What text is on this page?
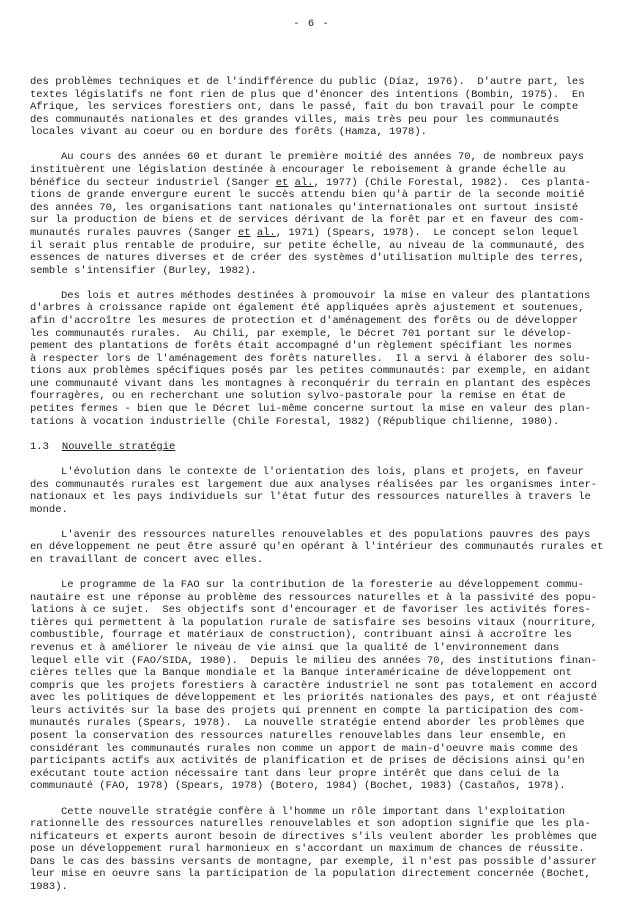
- 6 -
des problèmes techniques et de l'indifférence du public (Díaz, 1976).  D'autre part, les
textes législatifs ne font rien de plus que d'énoncer des intentions (Bombin, 1975).  En
Afrique, les services forestiers ont, dans le passé, fait du bon travail pour le compte
des communautés nationales et des grandes villes, mais très peu pour les communautés
locales vivant au coeur ou en bordure des forêts (Hamza, 1978).
Au cours des années 60 et durant le première moitié des années 70, de nombreux pays
instituèrent une législation destinée à encourager le reboisement à grande échelle au
bénéfice du secteur industriel (Sanger et al., 1977) (Chile Forestal, 1982).  Ces planta-
tions de grande envergure eurent le succès attendu bien qu'à partir de la seconde moitié
des années 70, les organisations tant nationales qu'internationales ont surtout insisté
sur la production de biens et de services dérivant de la forêt par et en faveur des com-
munautés rurales pauvres (Sanger et al., 1971) (Spears, 1978).  Le concept selon lequel
il serait plus rentable de produire, sur petite échelle, au niveau de la communauté, des
essences de natures diverses et de créer des systèmes d'utilisation multiple des terres,
semble s'intensifier (Burley, 1982).
Des lois et autres méthodes destinées à promouvoir la mise en valeur des plantations
d'arbres à croissance rapide ont également été appliquées après ajustement et soutenues,
afin d'accroître les mesures de protection et d'aménagement des forêts ou de développer
les communautés rurales.  Au Chili, par exemple, le Décret 701 portant sur le dévelop-
pement des plantations de forêts était accompagné d'un règlement spécifiant les normes
à respecter lors de l'aménagement des forêts naturelles.  Il a servi à élaborer des solu-
tions aux problèmes spécifiques posés par les petites communautés: par exemple, en aidant
une communauté vivant dans les montagnes à reconquérir du terrain en plantant des espèces
fourragères, ou en recherchant une solution sylvo-pastorale pour la remise en état de
petites fermes - bien que le Décret lui-même concerne surtout la mise en valeur des plan-
tations à vocation industrielle (Chile Forestal, 1982) (République chilienne, 1980).
1.3 Nouvelle stratégie
L'évolution dans le contexte de l'orientation des lois, plans et projets, en faveur
des communautés rurales est largement due aux analyses réalisées par les organismes inter-
nationaux et les pays individuels sur l'état futur des ressources naturelles à travers le
monde.
L'avenir des ressources naturelles renouvelables et des populations pauvres des pays
en développement ne peut être assuré qu'en opérant à l'intérieur des communautés rurales et
en travaillant de concert avec elles.
Le programme de la FAO sur la contribution de la foresterie au développement commu-
nautaire est une réponse au problème des ressources naturelles et à la passivité des popu-
lations à ce sujet.  Ses objectifs sont d'encourager et de favoriser les activités fores-
tières qui permettent à la population rurale de satisfaire ses besoins vitaux (nourriture,
combustible, fourrage et matériaux de construction), contribuant ainsi à accroître les
revenus et à améliorer le niveau de vie ainsi que la qualité de l'environnement dans
lequel elle vit (FAO/SIDA, 1980).  Depuis le milieu des années 70, des institutions finan-
cières telles que la Banque mondiale et la Banque interaméricaine de développement ont
compris que les projets forestiers à caractère industriel ne sont pas totalement en accord
avec les politiques de développement et les priorités nationales des pays, et ont réajusté
leurs activités sur la base des projets qui prennent en compte la participation des com-
munautés rurales (Spears, 1978).  La nouvelle stratégie entend aborder les problèmes que
posent la conservation des ressources naturelles renouvelables dans leur ensemble, en
considérant les communautés rurales non comme un apport de main-d'oeuvre mais comme des
participants actifs aux activités de planification et de prises de décisions ainsi qu'en
exécutant toute action nécessaire tant dans leur propre intérêt que dans celui de la
communauté (FAO, 1978) (Spears, 1978) (Botero, 1984) (Bochet, 1983) (Castaños, 1978).
Cette nouvelle stratégie confère à l'homme un rôle important dans l'exploitation
rationnelle des ressources naturelles renouvelables et son adoption signifie que les pla-
nificateurs et experts auront besoin de directives s'ils veulent aborder les problèmes que
pose un développement rural harmonieux en s'accordant un maximum de chances de réussite.
Dans le cas des bassins versants de montagne, par exemple, il n'est pas possible d'assurer
leur mise en oeuvre sans la participation de la population directement concernée (Bochet,
1983).
